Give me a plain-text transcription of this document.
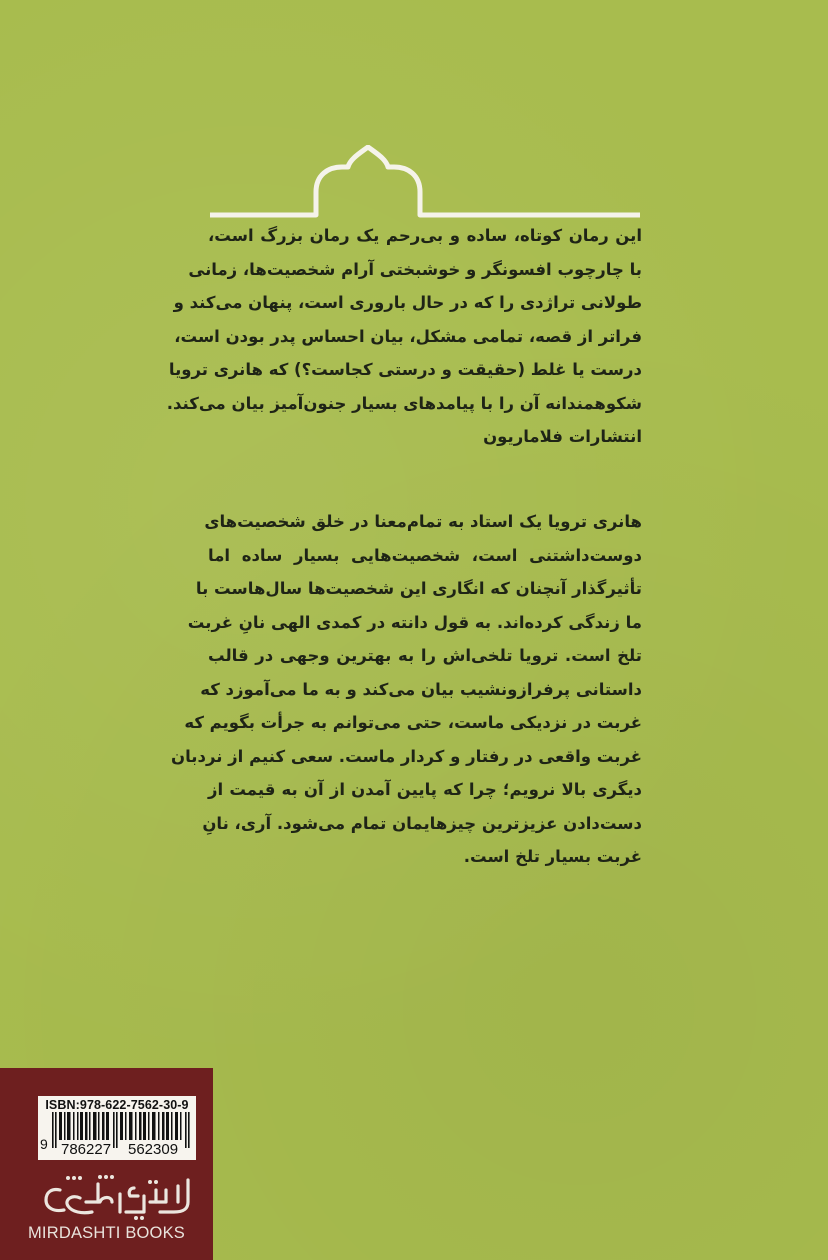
این رمان کوتاه، ساده و بی‌رحم یک رمان بزرگ است،
با چارچوب افسونگر و خوشبختی آرام شخصیت‌ها، زمانی
طولانی تراژدی را که در حال باروری است، پنهان می‌کند و
فراتر از قصه، تمامی مشکل، بیان احساس پدر بودن است،
درست یا غلط (حقیقت و درستی کجاست؟) که هانری ترویا
شکوهمندانه آن را با پیامدهای بسیار جنون‌آمیز بیان می‌کند.
انتشارات فلاماریون
هانری ترویا یک استاد به تمام‌معنا در خلق شخصیت‌های
دوست‌داشتنی است، شخصیت‌هایی بسیار ساده اما
تأثیرگذار آنچنان که انگاری این شخصیت‌ها سال‌هاست با
ما زندگی کرده‌اند. به قول دانته در کمدی الهی نانِ غربت
تلخ است. ترویا تلخی‌اش را به بهترین وجهی در قالب
داستانی پرفرازونشیب بیان می‌کند و به ما می‌آموزد که
غربت در نزدیکی ماست، حتی می‌توانم به جرأت بگویم که
غربت واقعی در رفتار و کردار ماست. سعی کنیم از نردبان
دیگری بالا نرویم؛ چرا که پایین آمدن از آن به قیمت از
دست‌دادن عزیزترین چیزهایمان تمام می‌شود. آری، نانِ
غربت بسیار تلخ است.
ISBN:978-622-7562-30-9
9 786227 562309
MIRDASHTI BOOKS
